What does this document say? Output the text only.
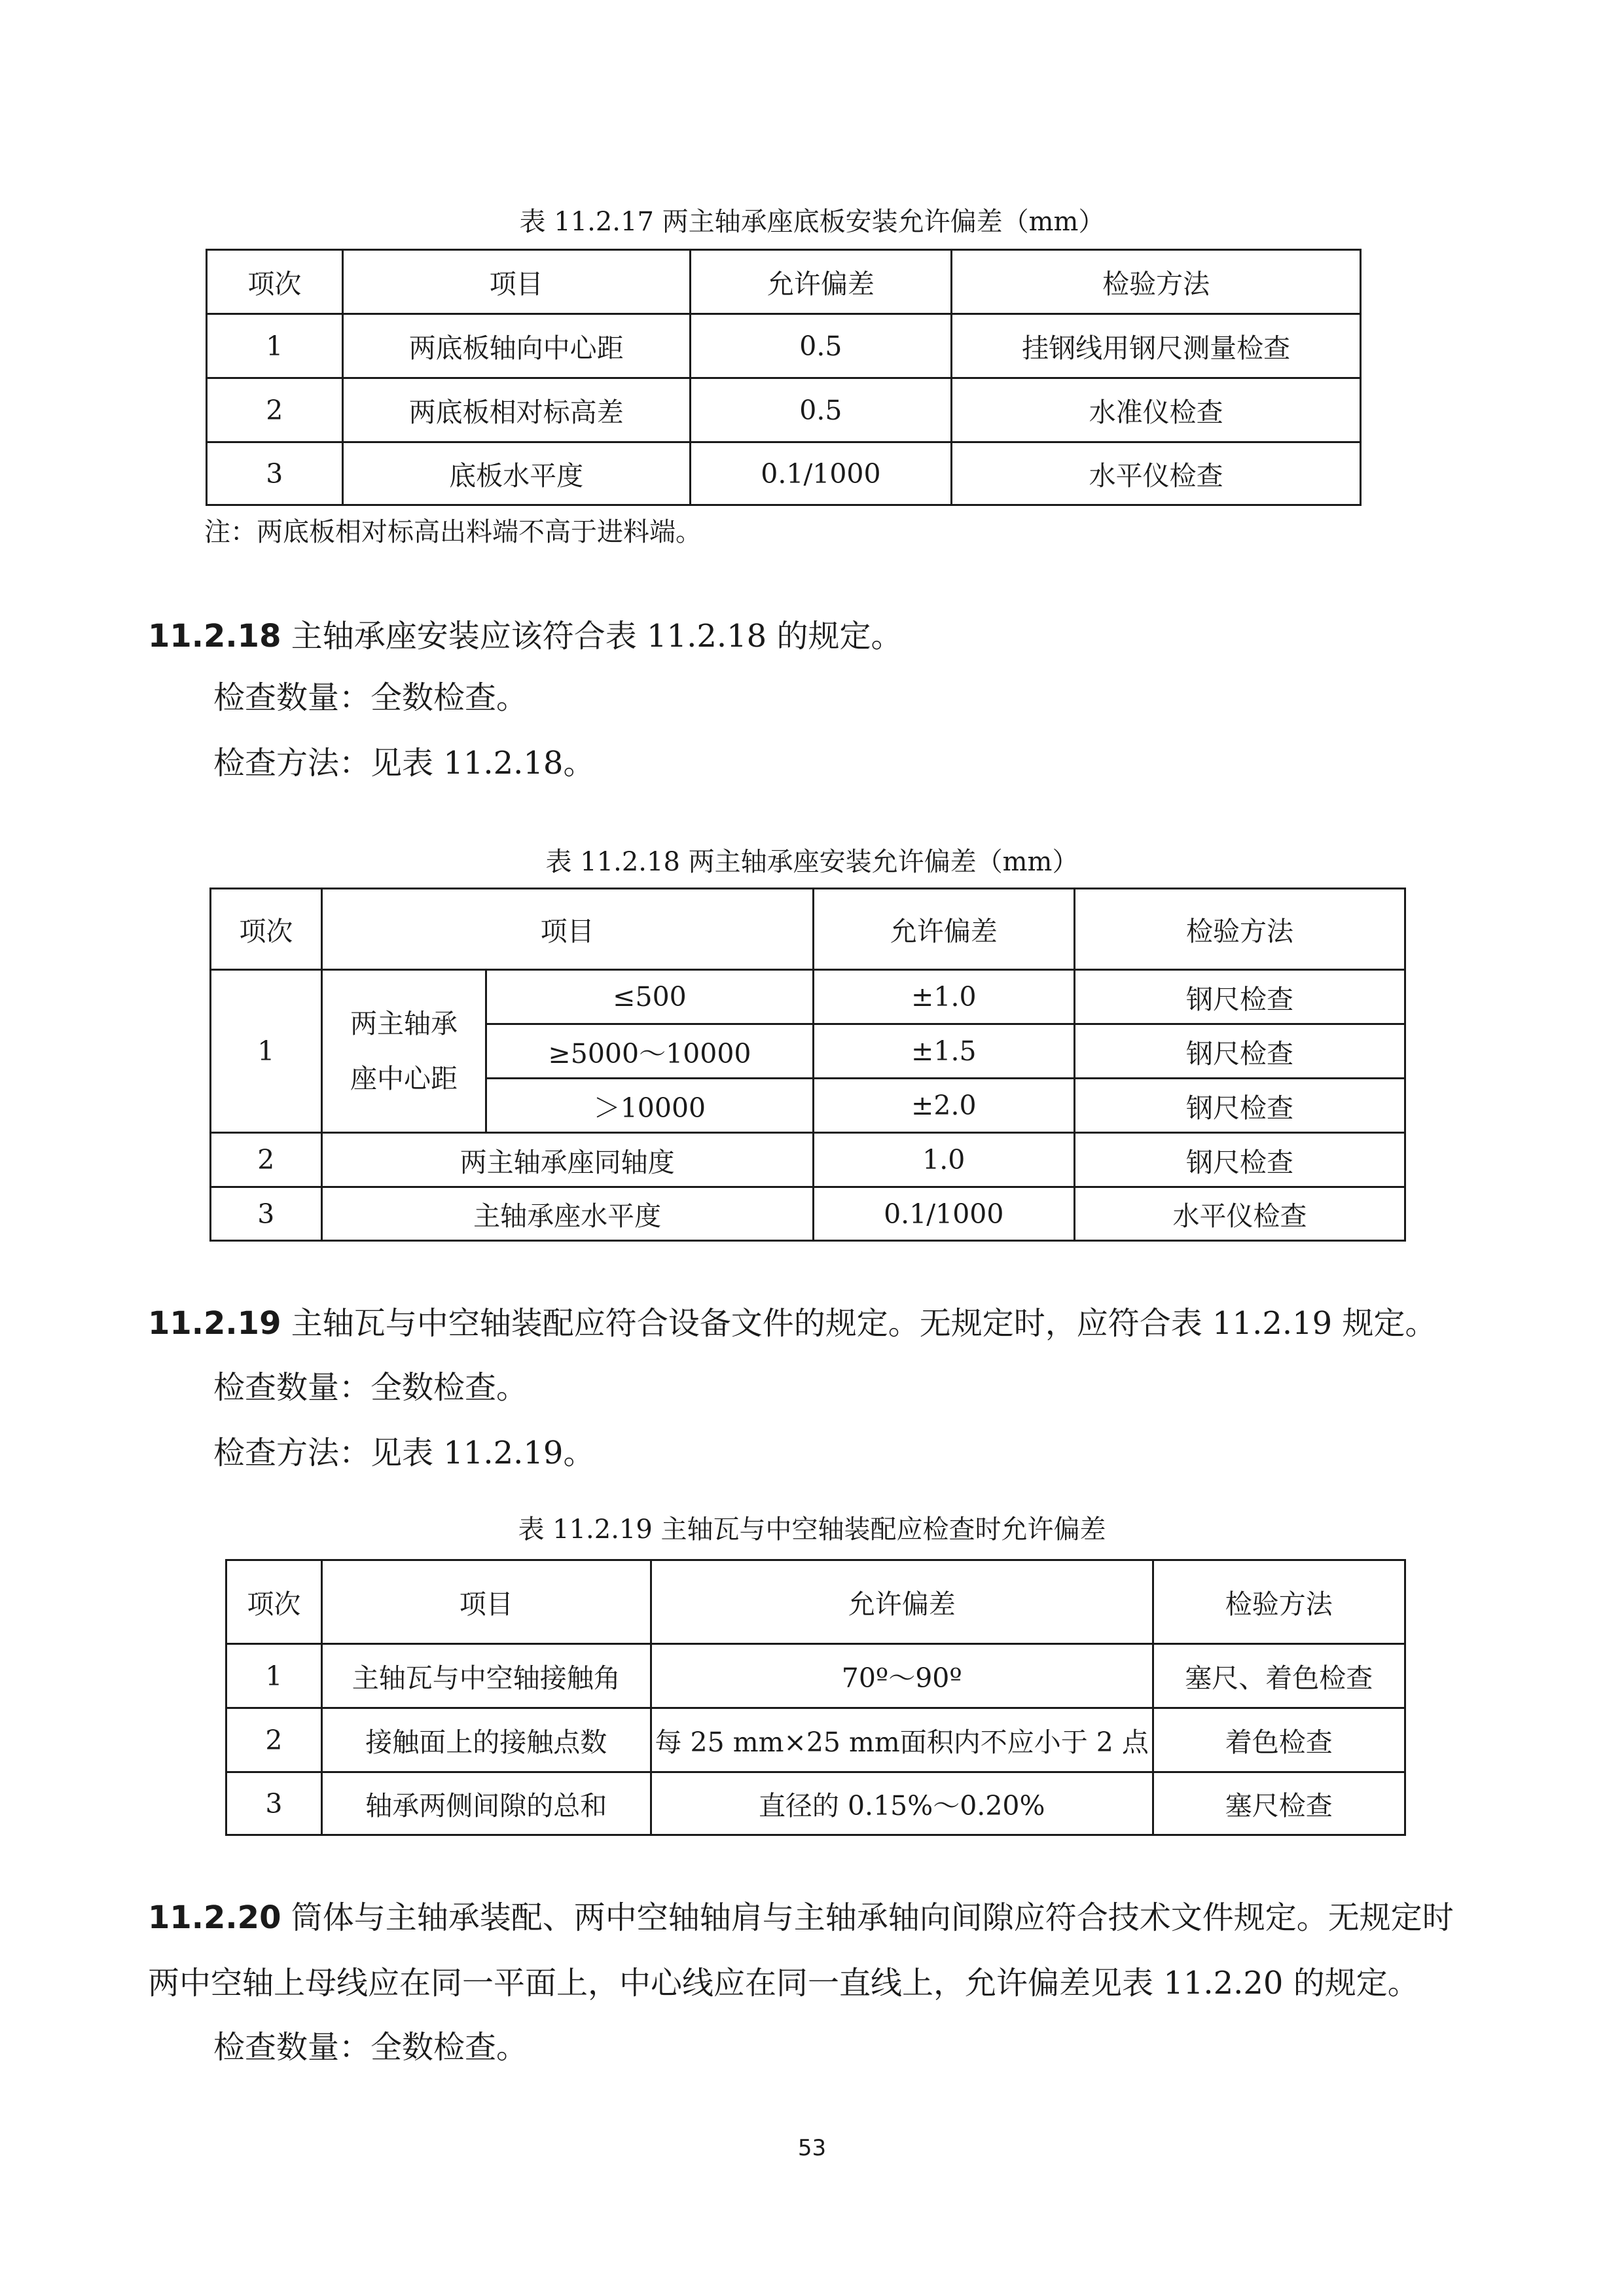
表 11.2.17 两主轴承座底板安装允许偏差（mm）
项次	项目	允许偏差	检验方法
1	两底板轴向中心距	0.5	挂钢线用钢尺测量检查
2	两底板相对标高差	0.5	水准仪检查
3	底板水平度	0.1/1000	水平仪检查
注：两底板相对标高出料端不高于进料端。
11.2.18 主轴承座安装应该符合表 11.2.18 的规定。
检查数量：全数检查。
检查方法：见表 11.2.18。
表 11.2.18 两主轴承座安装允许偏差（mm）
项次	项目		允许偏差	检验方法
1	两主轴承座中心距	≤500	±1.0	钢尺检查
		≥5000～10000	±1.5	钢尺检查
		＞10000	±2.0	钢尺检查
2	两主轴承座同轴度		1.0	钢尺检查
3	主轴承座水平度		0.1/1000	水平仪检查
11.2.19 主轴瓦与中空轴装配应符合设备文件的规定。无规定时，应符合表 11.2.19 规定。
检查数量：全数检查。
检查方法：见表 11.2.19。
表 11.2.19 主轴瓦与中空轴装配应检查时允许偏差
项次	项目	允许偏差	检验方法
1	主轴瓦与中空轴接触角	70º～90º	塞尺、着色检查
2	接触面上的接触点数	每 25 mm×25 mm面积内不应小于 2 点	着色检查
3	轴承两侧间隙的总和	直径的 0.15%～0.20%	塞尺检查
11.2.20 筒体与主轴承装配、两中空轴轴肩与主轴承轴向间隙应符合技术文件规定。无规定时
两中空轴上母线应在同一平面上，中心线应在同一直线上，允许偏差见表 11.2.20 的规定。
检查数量：全数检查。
53
